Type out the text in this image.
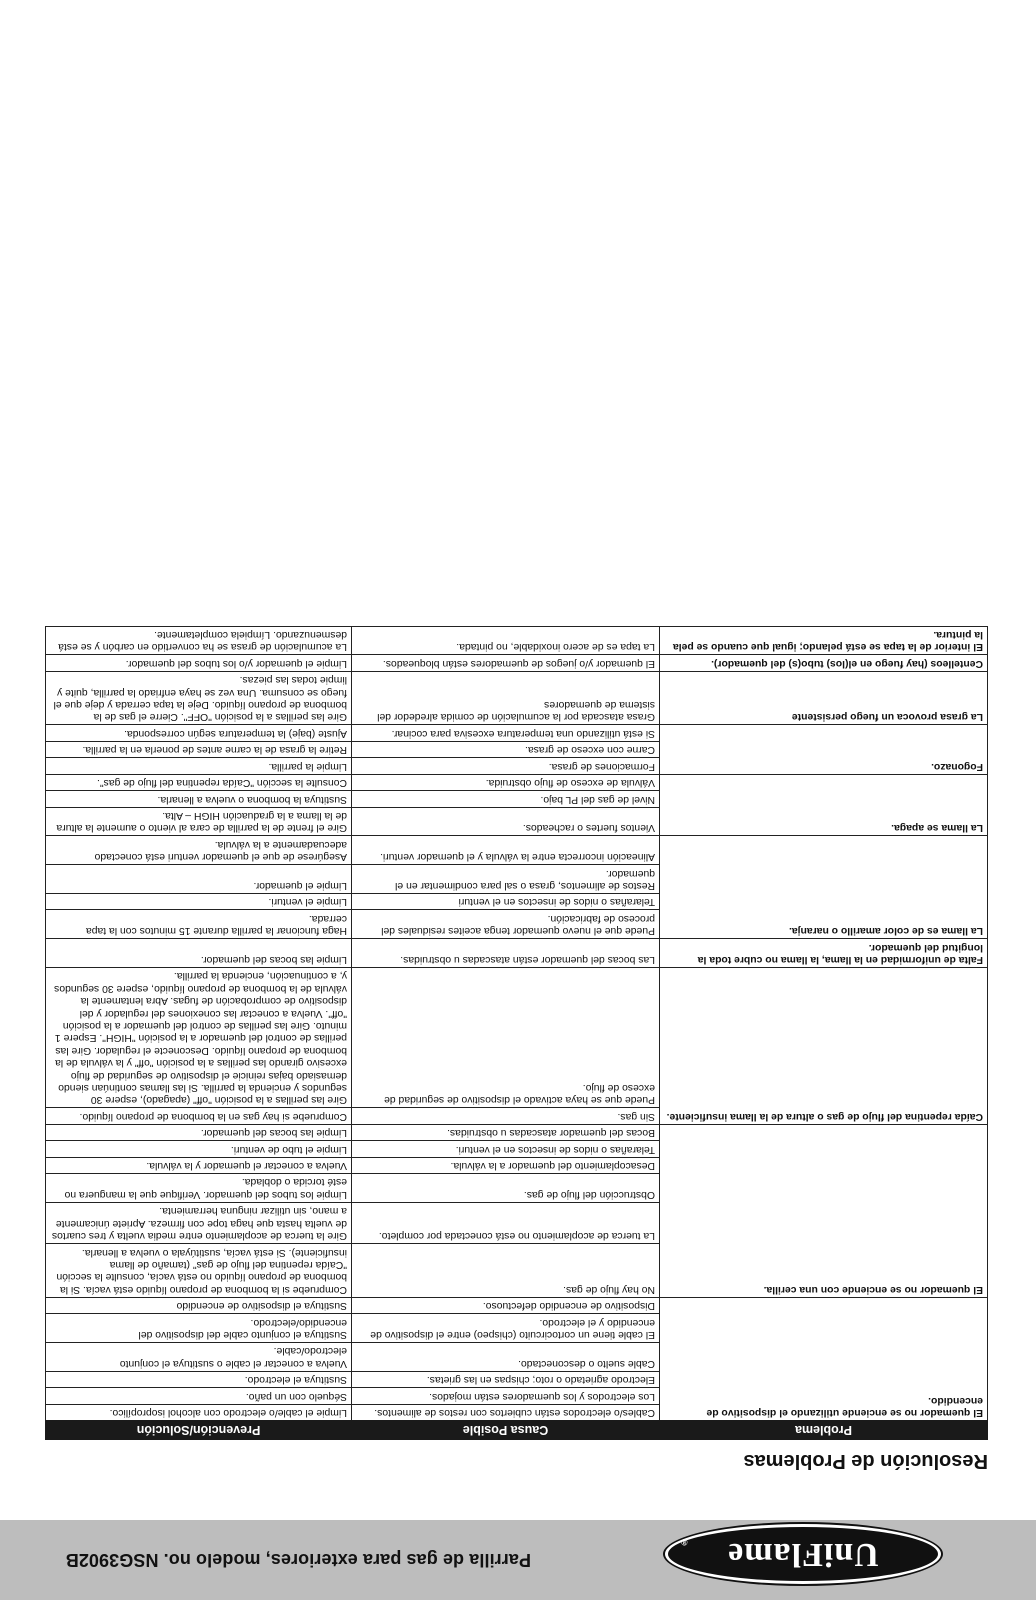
UniFlame
®
Parrilla de gas para exteriores, modelo no. NSG3902B
Resolución de Problemas
Problema	Causa Posible	Prevención/Solución
El quemador no se enciende utilizando el dispositivo de encendido.	Cables/o electrodos están cubiertos con restos de alimentos.	Limpie el cable/o electrodo con alcohol isopropílico.
	Los electrodos y los quemadores están mojados.	Séquelo con un paño.
	Electrodo agrietado o roto; chispas en las grietas.	Sustituya el electrodo.
	Cable suelto o desconectado.	Vuelva a conectar el cable o sustituya el conjunto electrodo/cable.
	El cable tiene un cortocircuito (chispeo) entre el dispositivo de encendido y el electrodo.	Sustituya el conjunto cable del dispositivo del encendido/electrodo.
	Dispositivo de encendido defectuoso.	Sustituya el dispositivo de encendido
El quemador no se enciende con una cerilla.	No hay flujo de gas.	Compruebe si la bombona de propano líquido está vacía. Si la bombona de propano líquido no está vacía, consulte la sección "Caída repentina del flujo de gas" (tamaño de llama insuficiente). Si está vacía, sustitúyala o vuelva a llenarla.
	La tuerca de acoplamiento no está conectada por completo.	Gire la tuerca de acoplamiento entre media vuelta y tres cuartos de vuelta hasta que haga tope con firmeza. Apriete únicamente a mano, sin utilizar ninguna herramienta.
	Obstrucción del flujo de gas.	Limpie los tubos del quemador. Verifique que la manguera no esté torcida o doblada.
	Desacoplamiento del quemador a la válvula.	Vuelva a conectar el quemador y la válvula.
	Telarañas o nidos de insectos en el venturi.	Limpie el tubo de venturi.
	Bocas del quemador atascadas u obstruidas.	Limpie las bocas del quemador.
Caída repentina del flujo de gas o altura de la llama insuficiente.	Sin gas.	Compruebe si hay gas en la bombona de propano líquido.
	Puede que se haya activado el dispositivo de seguridad de exceso de flujo.	Gire las perillas a la posición "off" (apagado), espere 30 segundos y encienda la parrilla. Si las llamas continúan siendo demasiado bajas reinicie el dispositivo de seguridad de flujo excesivo girando las perillas a la posición "off" y la válvula de la bombona de propano líquido. Desconecte el regulador. Gire las perillas de control del quemador a la posición "HIGH". Espere 1 minuto. Gire las perillas de control del quemador a la posición "off". Vuelva a conectar las conexiones del regulador y del dispositivo de comprobación de fugas. Abra lentamente la válvula de la bombona de propano líquido, espere 30 segundos y, a continuación, encienda la parrilla.
Falta de uniformidad en la llama, la llama no cubre toda la longitud del quemador.	Las bocas del quemador están atascadas u obstruidas.	Limpie las bocas del quemador.
La llama es de color amarillo o naranja.	Puede que el nuevo quemador tenga aceites residuales del proceso de fabricación.	Haga funcionar la parrilla durante 15 minutos con la tapa cerrada.
	Telarañas o nidos de insectos en el venturi	Limpie el venturi.
	Restos de alimentos, grasa o sal para condimentar en el quemador.	Limpie el quemador.
	Alineación incorrecta entre la válvula y el quemador venturi.	Asegúrese de que el quemador venturi está conectado adecuadamente a la válvula.
La llama se apaga.	Vientos fuertes o racheados.	Gire el frente de la parrilla de cara al viento o aumente la altura de la llama a la graduación HIGH – Alta.
	Nivel de gas del PL bajo.	Sustituya la bombona o vuelva a llenarla.
	Válvula de exceso de flujo obstruida.	Consulte la sección "Caída repentina del flujo de gas".
Fogonazo.	Formaciones de grasa.	Limpie la parrilla.
	Carne con exceso de grasa.	Retire la grasa de la carne antes de ponerla en la parrilla.
	Si está utilizando una temperatura excesiva para cocinar.	Ajuste (baje) la temperatura según corresponda.
La grasa provoca un fuego persistente	Grasa atascada por la acumulación de comida alrededor del sistema de quemadores	Gire las perillas a la posición "OFF". Cierre el gas de la bombona de propano líquido. Deje la tapa cerrada y deje que el fuego se consuma. Una vez se haya enfriado la parrilla, quite y limpie todas las piezas.
Centelleos (hay fuego en el(los) tubo(s) del quemador).	El quemador y/o juegos de quemadores están bloqueados.	Limpie el quemador y/o los tubos del quemador.
El interior de la tapa se está pelando; igual que cuando se pela la pintura.	La tapa es de acero inoxidable, no pintada.	La acumulación de grasa se ha convertido en carbón y se está desmenuzando. Límpiela completamente.
